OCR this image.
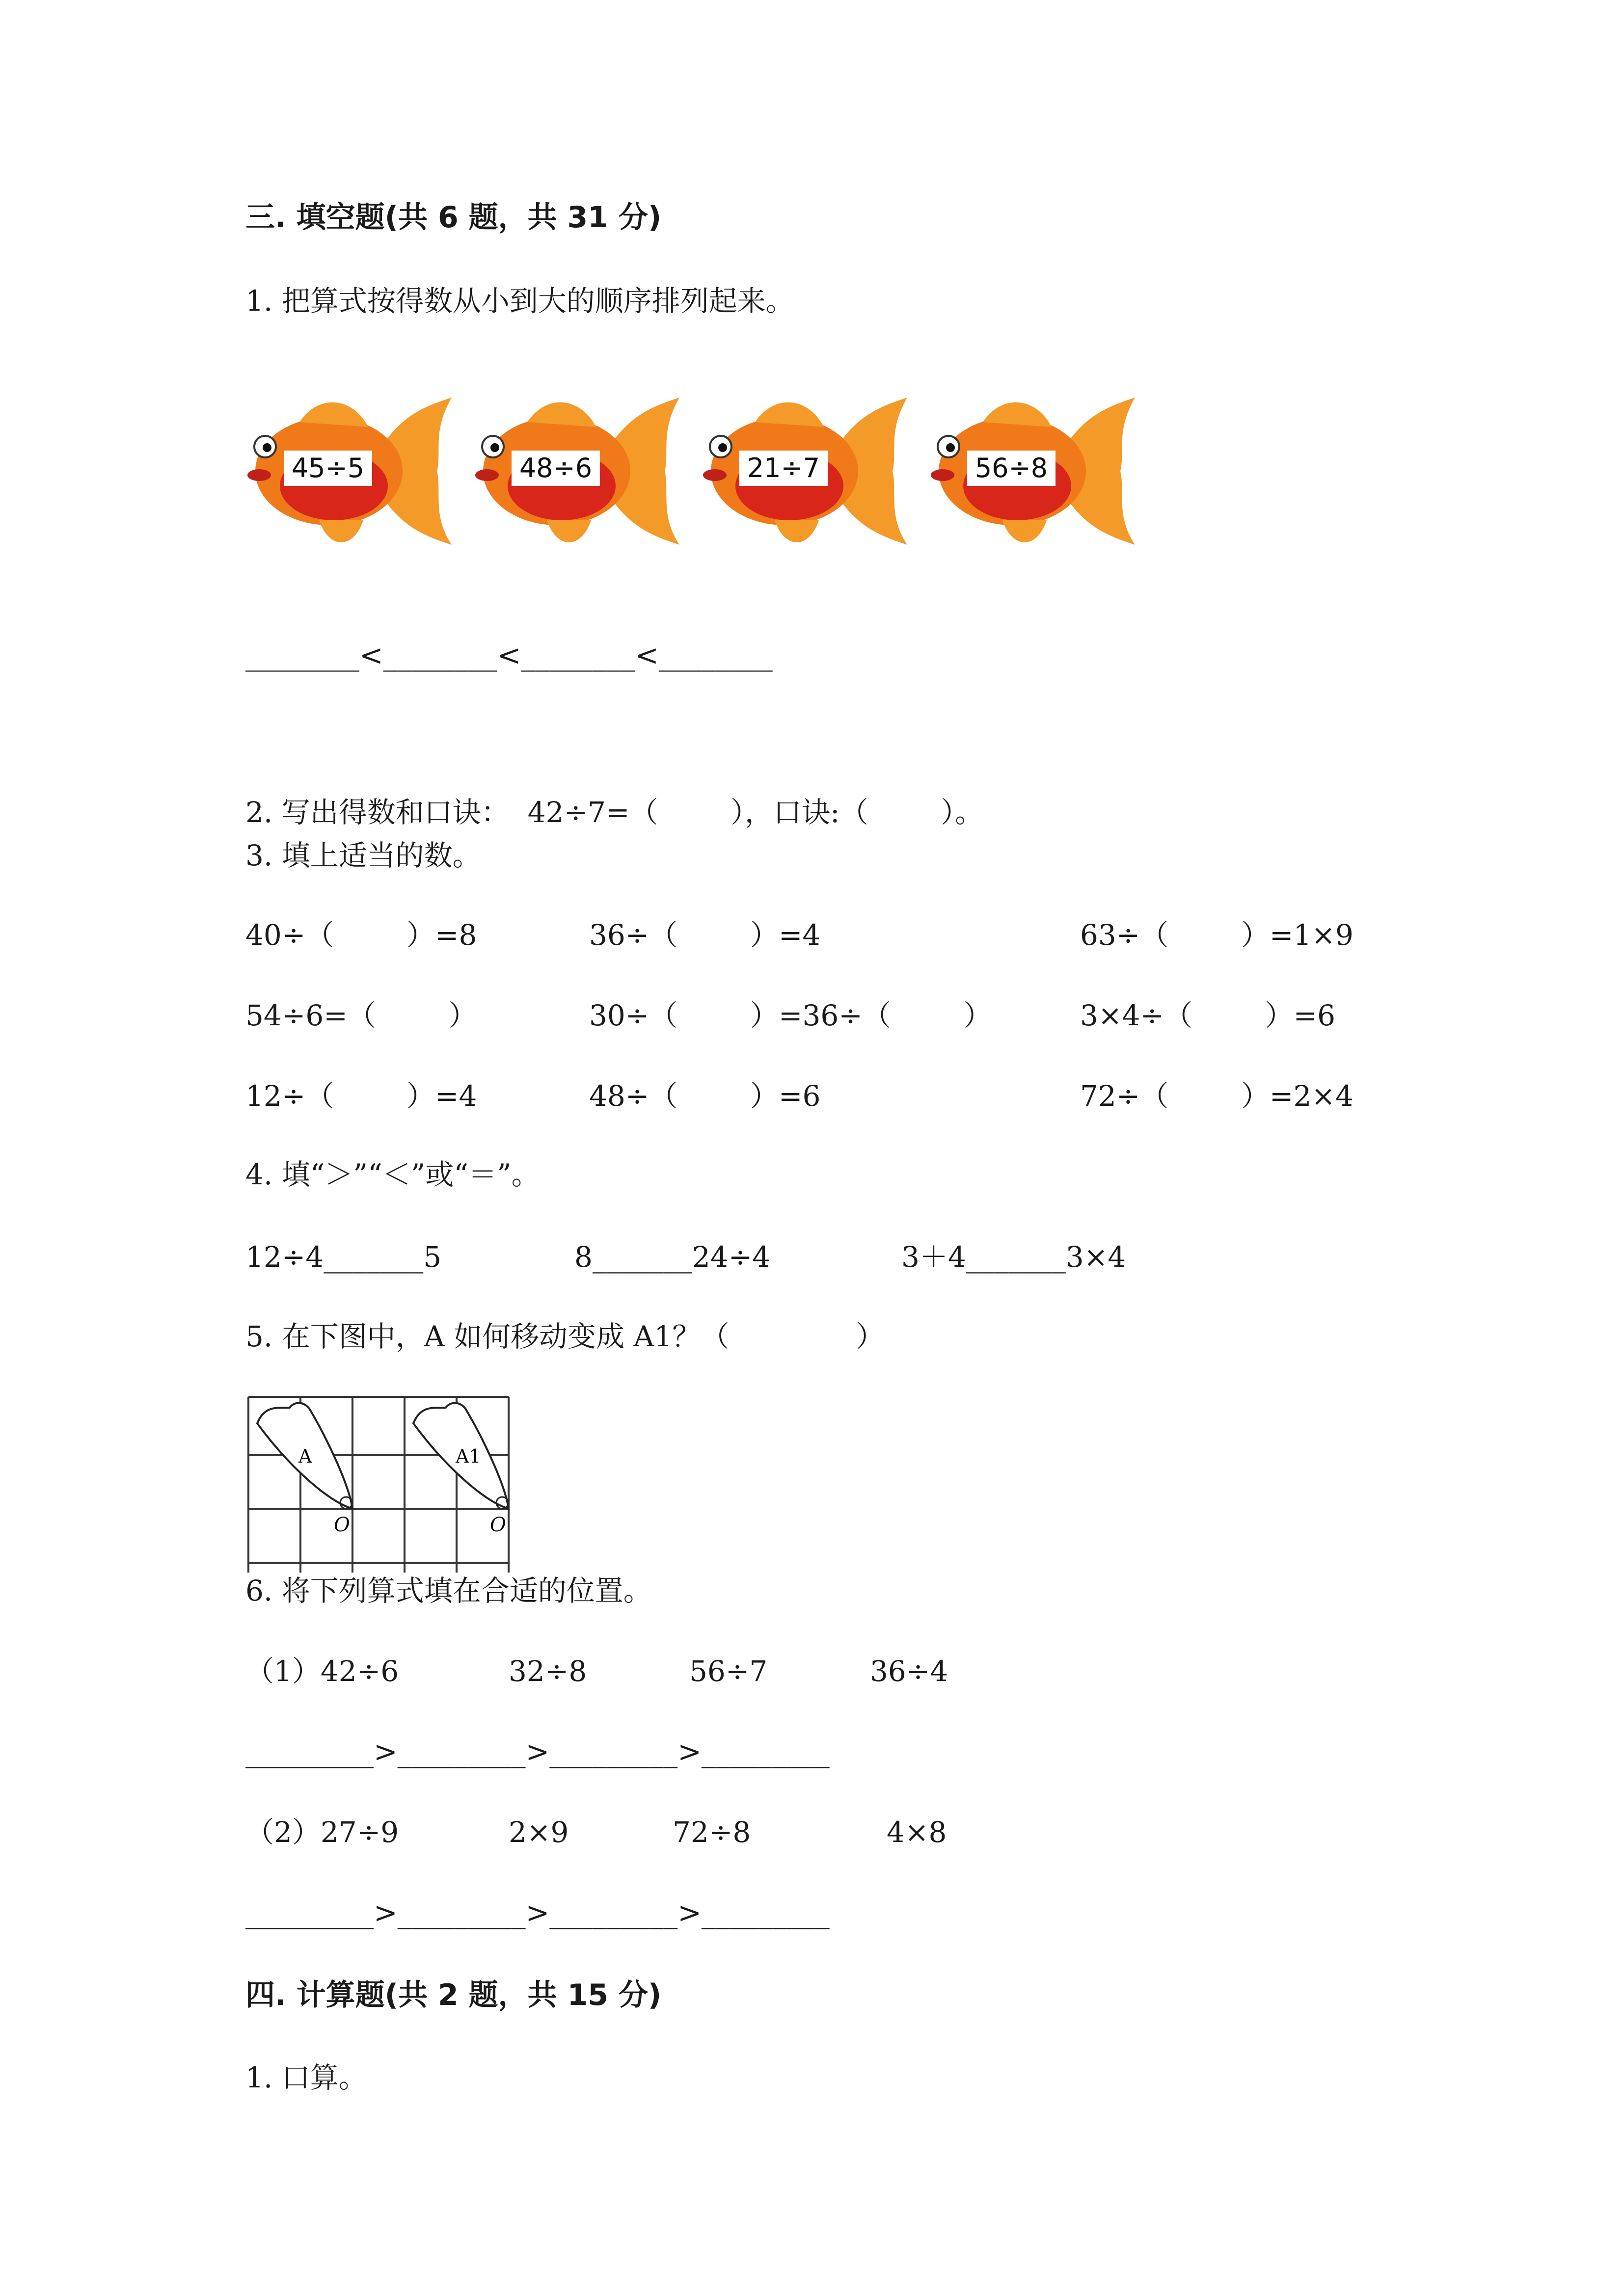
三. 填空题(共 6 题，共 31 分)
1. 把算式按得数从小到大的顺序排列起来。
45÷5	48÷6	21÷7	56÷8
________<________<________<________
2. 写出得数和口诀：  42÷7=（        ），口诀:（        ）。
3. 填上适当的数。
40÷（        ）=8	36÷（        ）=4	63÷（        ）=1×9
54÷6=（        ）	30÷（        ）=36÷（        ）	3×4÷（        ）=6
12÷（        ）=4	48÷（        ）=6	72÷（        ）=2×4
4. 填“＞”“＜”或“＝”。
12÷4_______5	8_______24÷4	3＋4_______3×4
5. 在下图中，A 如何移动变成 A1？（              ）
A	A1
O	O
6. 将下列算式填在合适的位置。
（1）42÷6	32÷8	56÷7	36÷4
_________>_________>_________>_________
（2）27÷9	2×9	72÷8	4×8
_________>_________>_________>_________
四. 计算题(共 2 题，共 15 分)
1. 口算。
